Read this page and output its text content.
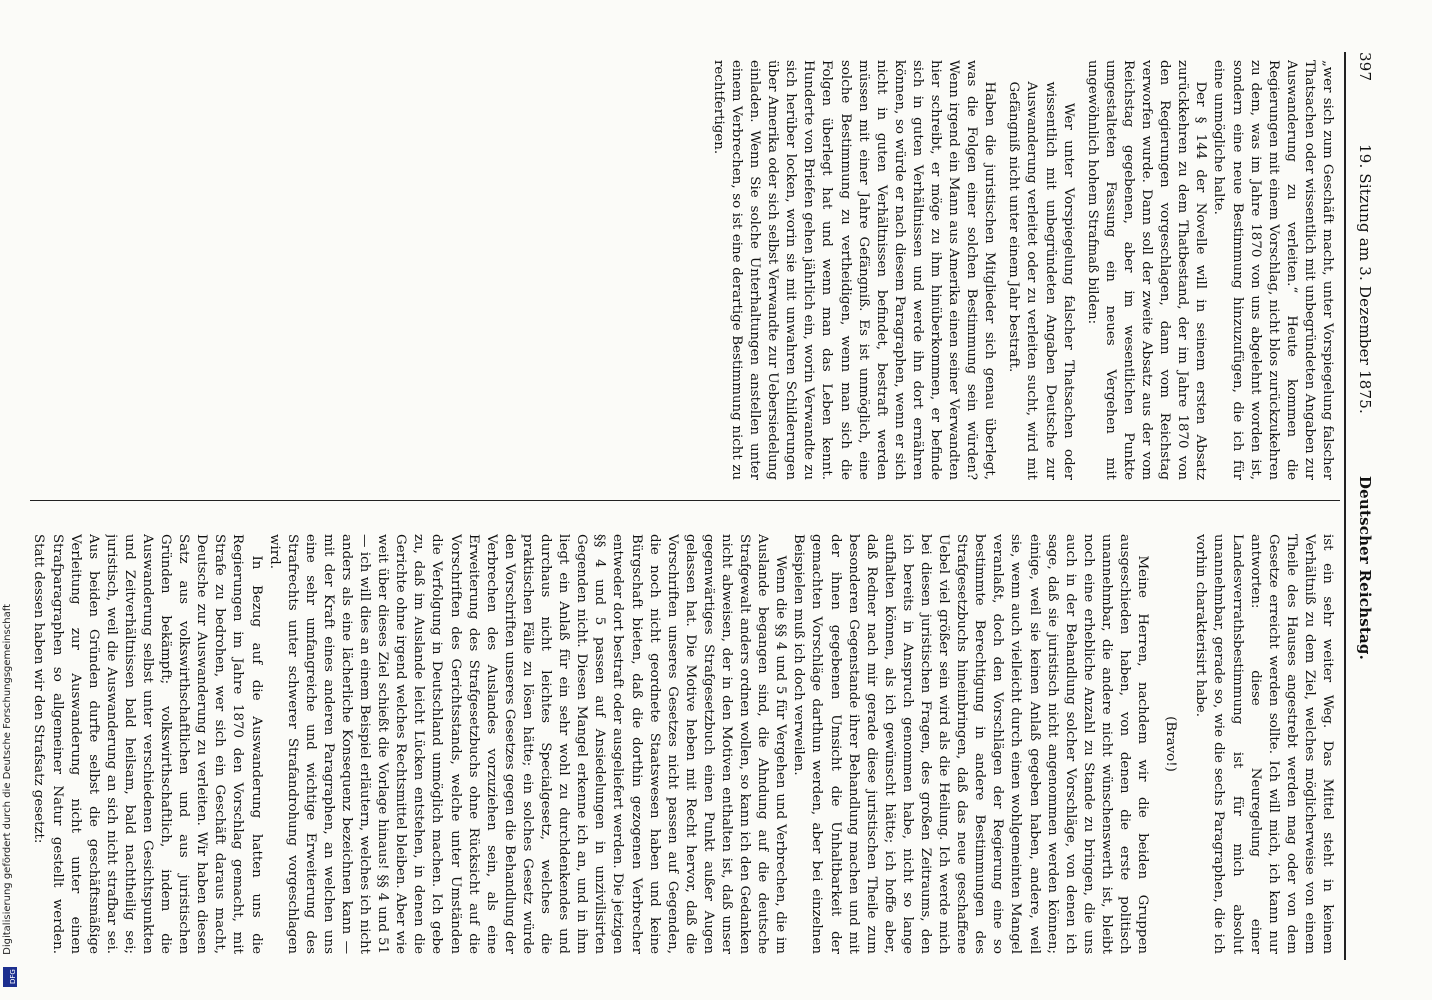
397
19. Sitzung am 3. Dezember 1875.
Deutscher Reichstag.

„wer sich zum Geschäft macht, unter Vorspiegelung falscher Thatsachen oder wissentlich mit unbegründeten Angaben zur Auswanderung zu verleiten.“ Heute kommen die Regierungen mit einem Vorschlag, nicht blos zurückzukehren zu dem, was im Jahre 1870 von uns abgelehnt worden ist, sondern eine neue Bestimmung hinzuzufügen, die ich für eine unmögliche halte.

Der § 144 der Novelle will in seinem ersten Absatz zurückkehren zu dem Thatbestand, der im Jahre 1870 von den Regierungen vorgeschlagen, dann vom Reichstag verworfen wurde. Dann soll der zweite Absatz aus der vom Reichstag gegebenen, aber im wesentlichen Punkte umgestalteten Fassung ein neues Vergehen mit ungewöhnlich hohem Strafmaß bilden:

Wer unter Vorspiegelung falscher Thatsachen oder wissentlich mit unbegründeten Angaben Deutsche zur Auswanderung verleitet oder zu verleiten sucht, wird mit Gefängniß nicht unter einem Jahr bestraft.

Haben die juristischen Mitglieder sich genau überlegt, was die Folgen einer solchen Bestimmung sein würden? Wenn irgend ein Mann aus Amerika einen seiner Verwandten hier schreibt, er möge zu ihm hinüberkommen, er befinde sich in guten Verhältnissen und werde ihn dort ernähren können, so würde er nach diesem Paragraphen, wenn er sich nicht in guten Verhältnissen befindet, bestraft werden müssen mit einer Jahre Gefängniß. Es ist unmöglich, eine solche Bestimmung zu vertheidigen, wenn man sich die Folgen überlegt hat und wenn man das Leben kennt. Hunderte von Briefen gehen jährlich ein, worin Verwandte zu sich herüber locken, worin sie mit unwahren Schilderungen über Amerika oder sich selbst Verwandte zur Uebersiedelung einladen. Wenn Sie solche Unterhaltungen anstellen unter einem Verbrechen, so ist eine derartige Bestimmung nicht zu rechtfertigen.

ist ein sehr weiter Weg. Das Mittel steht in keinem Verhältniß zu dem Ziel, welches möglicherweise von einem Theile des Hauses angestrebt werden mag oder von dem Gesetze erreicht werden sollte. Ich will mich, ich kann nur antworten: diese Neuregelung einer Landesverrathsbestimmung ist für mich absolut unannehmbar, gerade so, wie die sechs Paragraphen, die ich vorhin charakterisirt habe.

(Bravo!)

Meine Herren, nachdem wir die beiden Gruppen ausgeschieden haben, von denen die erste politisch unannehmbar, die andere nicht wünschenswerth ist, bleibt noch eine erhebliche Anzahl zu Stande zu bringen, die uns auch in der Behandlung solcher Vorschläge, von denen ich sage, daß sie juristisch nicht angenommen werden können; einige, weil sie keinen Anlaß gegeben haben, andere, weil sie, wenn auch vielleicht durch einen wohlgemeinten Mangel veranlaßt, doch den Vorschlägen der Regierung eine so bestimmte Berechtigung in andere Bestimmungen des Strafgesetzbuchs hineinbringen, daß das neue geschaffene Uebel viel größer sein wird als die Heilung. Ich werde mich bei diesen juristischen Fragen, des großen Zeitraums, den ich bereits in Anspruch genommen habe, nicht so lange aufhalten können, als ich gewünscht hätte; ich hoffe aber, daß Redner nach mir gerade diese juristischen Theile zum besonderen Gegenstande ihrer Behandlung machen und mit der ihnen gegebenen Umsicht die Unhaltbarkeit der gemachten Vorschläge darthun werden, aber bei einzelnen Beispielen muß ich doch verweilen.

Wenn die §§ 4 und 5 für Vergehen und Verbrechen, die im Auslande begangen sind, die Ahndung auf die deutsche Strafgewalt anders ordnen wollen, so kann ich den Gedanken nicht abweisen, der in den Motiven enthalten ist, daß unser gegenwärtiges Strafgesetzbuch einen Punkt außer Augen gelassen hat. Die Motive heben mit Recht hervor, daß die Vorschriften unseres Gesetzes nicht passen auf Gegenden, die noch nicht geordnete Staatswesen haben und keine Bürgschaft bieten, daß die dorthin gezogenen Verbrecher entweder dort bestraft oder ausgeliefert werden. Die jetzigen §§ 4 und 5 passen auf Ansiedelungen in unzivilisirten Gegenden nicht. Diesen Mangel erkenne ich an, und in ihm liegt ein Anlaß für ein sehr wohl zu durchdenkendes und durchaus nicht leichtes Specialgesetz, welches die praktischen Fälle zu lösen hätte; ein solches Gesetz würde den Vorschriften unseres Gesetzes gegen die Behandlung der Verbrechen des Auslandes vorzuziehen sein, als eine Erweiterung des Strafgesetzbuchs ohne Rücksicht auf die Vorschriften des Gerichtsstands, welche unter Umständen die Verfolgung in Deutschland unmöglich machen. Ich gebe zu, daß im Auslande leicht Lücken entstehen, in denen die Gerichte ohne irgend welches Rechtsmittel bleiben. Aber wie weit über dieses Ziel schießt die Vorlage hinaus! §§ 4 und 51 — ich will dies an einem Beispiel erläutern, welches ich nicht anders als eine lächerliche Konsequenz bezeichnen kann — mit der Kraft eines anderen Paragraphen, an welchen uns eine sehr umfangreiche und wichtige Erweiterung des Strafrechts unter schwerer Strafandrohung vorgeschlagen wird.

In Bezug auf die Auswanderung hatten uns die Regierungen im Jahre 1870 den Vorschlag gemacht, mit Strafe zu bedrohen, wer sich ein Geschäft daraus macht, Deutsche zur Auswanderung zu verleiten. Wir haben diesen Satz aus volkswirthschaftlichen und aus juristischen Gründen bekämpft; volkswirthschaftlich, indem die Auswanderung selbst unter verschiedenen Gesichtspunkten und Zeitverhältnissen bald heilsam, bald nachtheilig sei; juristisch, weil die Auswanderung an sich nicht strafbar sei. Aus beiden Gründen durfte selbst die geschäftsmäßige Verleitung zur Auswanderung nicht unter einen Strafparagraphen so allgemeiner Natur gestellt werden. Statt dessen haben wir den Strafsatz gesetzt:

Digitalisierung gefördert durch die Deutsche Forschungsgemeinschaft
DFG
